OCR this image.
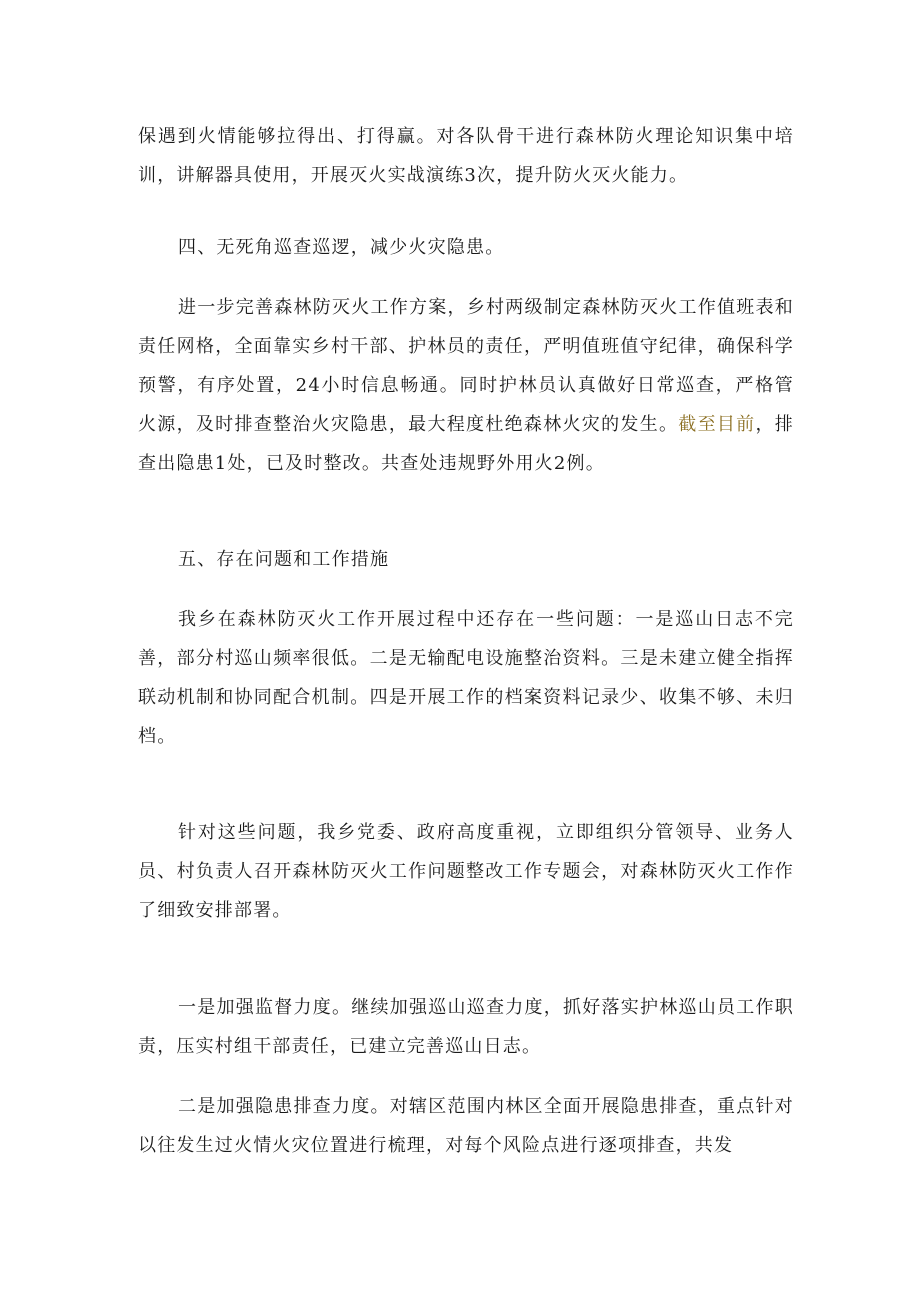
保遇到火情能够拉得出、打得赢。对各队骨干进行森林防火理论知识集中培训，讲解器具使用，开展灭火实战演练3次，提升防火灭火能力。

四、无死角巡查巡逻，减少火灾隐患。

进一步完善森林防灭火工作方案，乡村两级制定森林防灭火工作值班表和责任网格，全面靠实乡村干部、护林员的责任，严明值班值守纪律，确保科学预警，有序处置，24小时信息畅通。同时护林员认真做好日常巡查，严格管火源，及时排查整治火灾隐患，最大程度杜绝森林火灾的发生。截至目前，排查出隐患1处，已及时整改。共查处违规野外用火2例。

五、存在问题和工作措施

我乡在森林防灭火工作开展过程中还存在一些问题：一是巡山日志不完善，部分村巡山频率很低。二是无输配电设施整治资料。三是未建立健全指挥联动机制和协同配合机制。四是开展工作的档案资料记录少、收集不够、未归档。

针对这些问题，我乡党委、政府高度重视，立即组织分管领导、业务人员、村负责人召开森林防灭火工作问题整改工作专题会，对森林防灭火工作作了细致安排部署。

一是加强监督力度。继续加强巡山巡查力度，抓好落实护林巡山员工作职责，压实村组干部责任，已建立完善巡山日志。

二是加强隐患排查力度。对辖区范围内林区全面开展隐患排查，重点针对以往发生过火情火灾位置进行梳理，对每个风险点进行逐项排查，共发
